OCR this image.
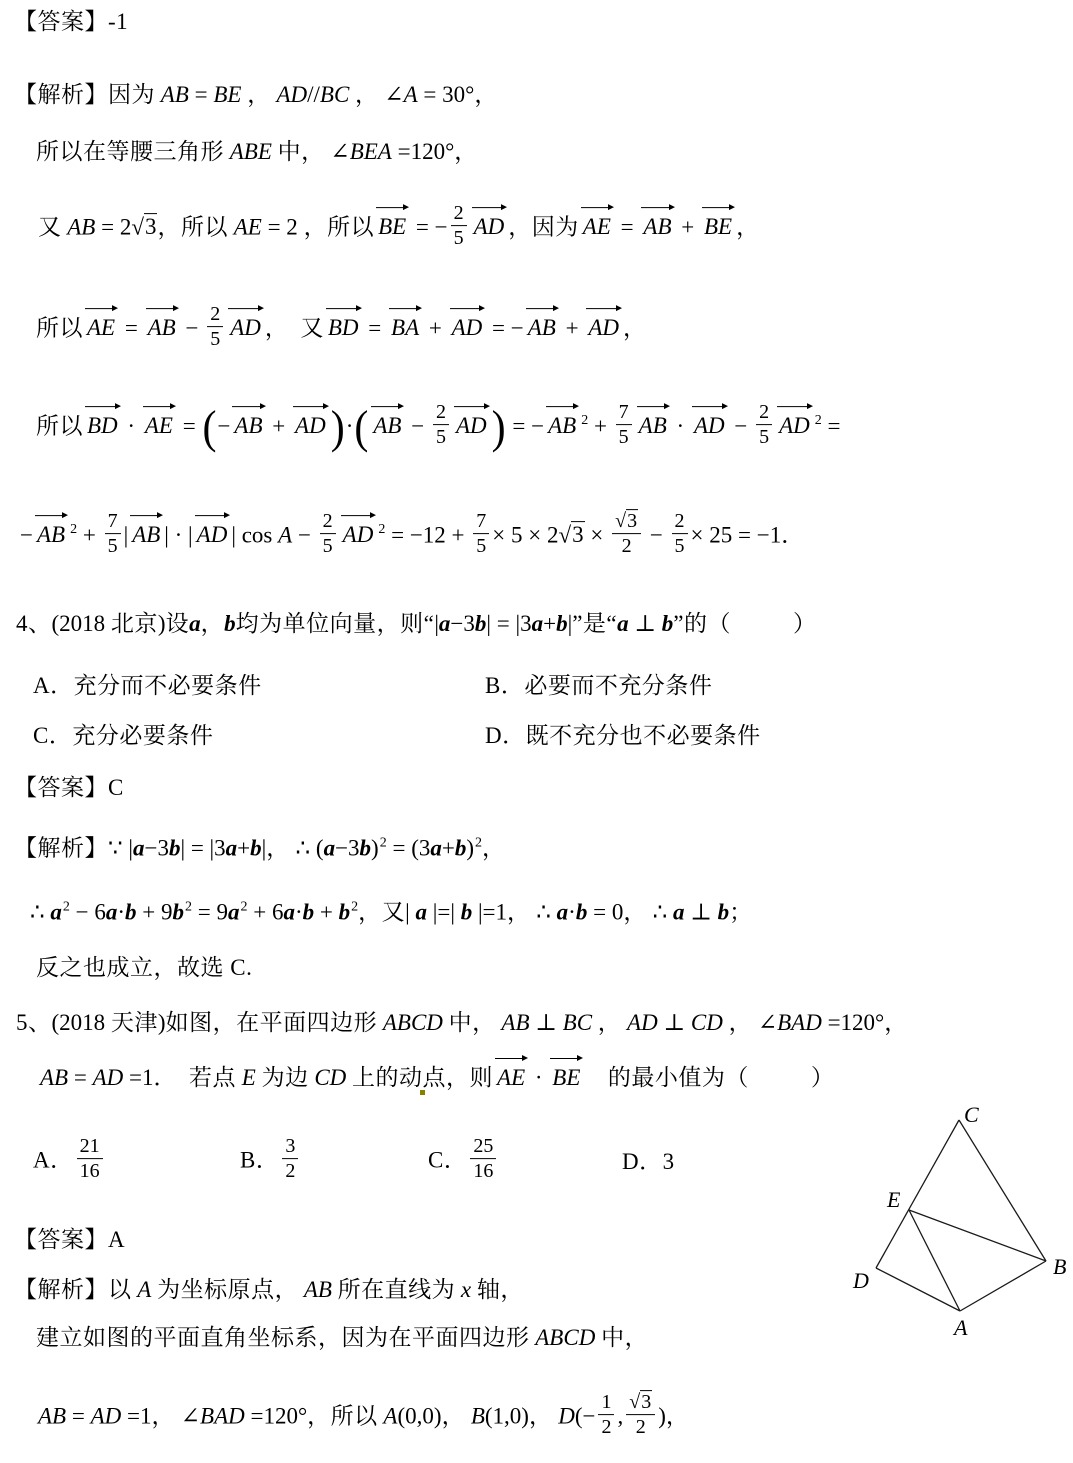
【答案】-1
【解析】因为 AB = BE ， AD//BC ， ∠A = 30°，
所以在等腰三角形 ABE 中， ∠BEA =120°，
又 AB = 2√3，所以 AE = 2 ，所以 BE = − $\frac{2}{5}$ AD ，因为 AE = AB + BE ，
所以 AE = AB − $\frac{2}{5}$ AD ，　又 BD = BA + AD = − AB + AD ，
所以 BD · AE = (− AB + AD )·( AB − $\frac{2}{5}$ AD ) = − AB $^2 + \frac{7}{5}$ AB · AD − $\frac{2}{5}$ AD $^2$ =
− AB $^2 + \frac{7}{5}$ | AB | · | AD | $\cos A - \frac{2}{5}$ AD $^2 = -12 + \frac{7}{5} \times 5 \times 2√3 \times \frac{√3}{2} - \frac{2}{5} \times 25 = -1$．
4、(2018 北京)设a，b均为单位向量，则“|a−3b| = |3a+b|”是“a ⊥ b”的（	）
A．充分而不必要条件	B．必要而不充分条件
C．充分必要条件	D．既不充分也不必要条件
【答案】C
【解析】∵ |a−3b| = |3a+b|， ∴ $(a-3b)^2 = (3a+b)^2$，
∴ $a^2 - 6a\cdot b + 9b^2 = 9a^2 + 6a\cdot b + b^2$，又| a |=| b |=1， ∴ a·b = 0， ∴ a ⊥ b；
反之也成立，故选 C.
5、(2018 天津)如图，在平面四边形 ABCD 中， AB ⊥ BC ， AD ⊥ CD ， ∠BAD =120°，
AB = AD =1．　若点 E 为边 CD 上的动点，则 AE · BE　的最小值为（	）
A． $\frac{21}{16}$	B． $\frac{3}{2}$	C． $\frac{25}{16}$	D．3
【答案】A
【解析】以 A 为坐标原点， AB 所在直线为 x 轴，
建立如图的平面直角坐标系，因为在平面四边形 ABCD 中，
AB = AD =1， ∠BAD =120°，所以 A(0,0)， B(1,0)， $D(- \frac{1}{2}$ , $\frac{√3}{2}$ )，
C
E
D
B
A
